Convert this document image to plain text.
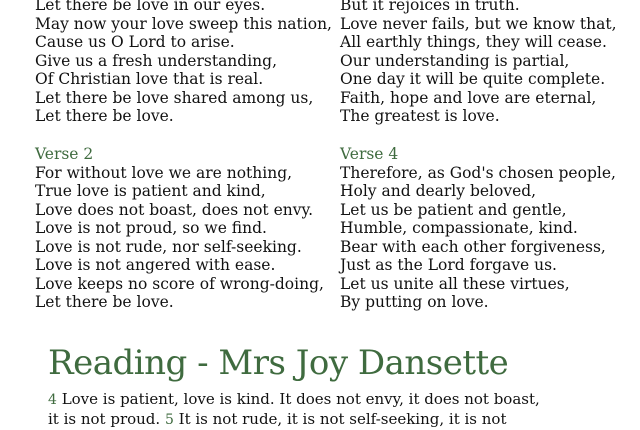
Let there be love in our eyes.
May now your love sweep this nation,
Cause us O Lord to arise.
Give us a fresh understanding,
Of Christian love that is real.
Let there be love shared among us,
Let there be love.
But it rejoices in truth.
Love never fails, but we know that,
All earthly things, they will cease.
Our understanding is partial,
One day it will be quite complete.
Faith, hope and love are eternal,
The greatest is love.
Verse 2
For without love we are nothing,
True love is patient and kind,
Love does not boast, does not envy.
Love is not proud, so we find.
Love is not rude, nor self-seeking.
Love is not angered with ease.
Love keeps no score of wrong-doing,
Let there be love.
Verse 4
Therefore, as God's chosen people,
Holy and dearly beloved,
Let us be patient and gentle,
Humble, compassionate, kind.
Bear with each other forgiveness,
Just as the Lord forgave us.
Let us unite all these virtues,
By putting on love.
Reading - Mrs Joy Dansette
4 Love is patient, love is kind. It does not envy, it does not boast,
it is not proud. 5 It is not rude, it is not self-seeking, it is not
